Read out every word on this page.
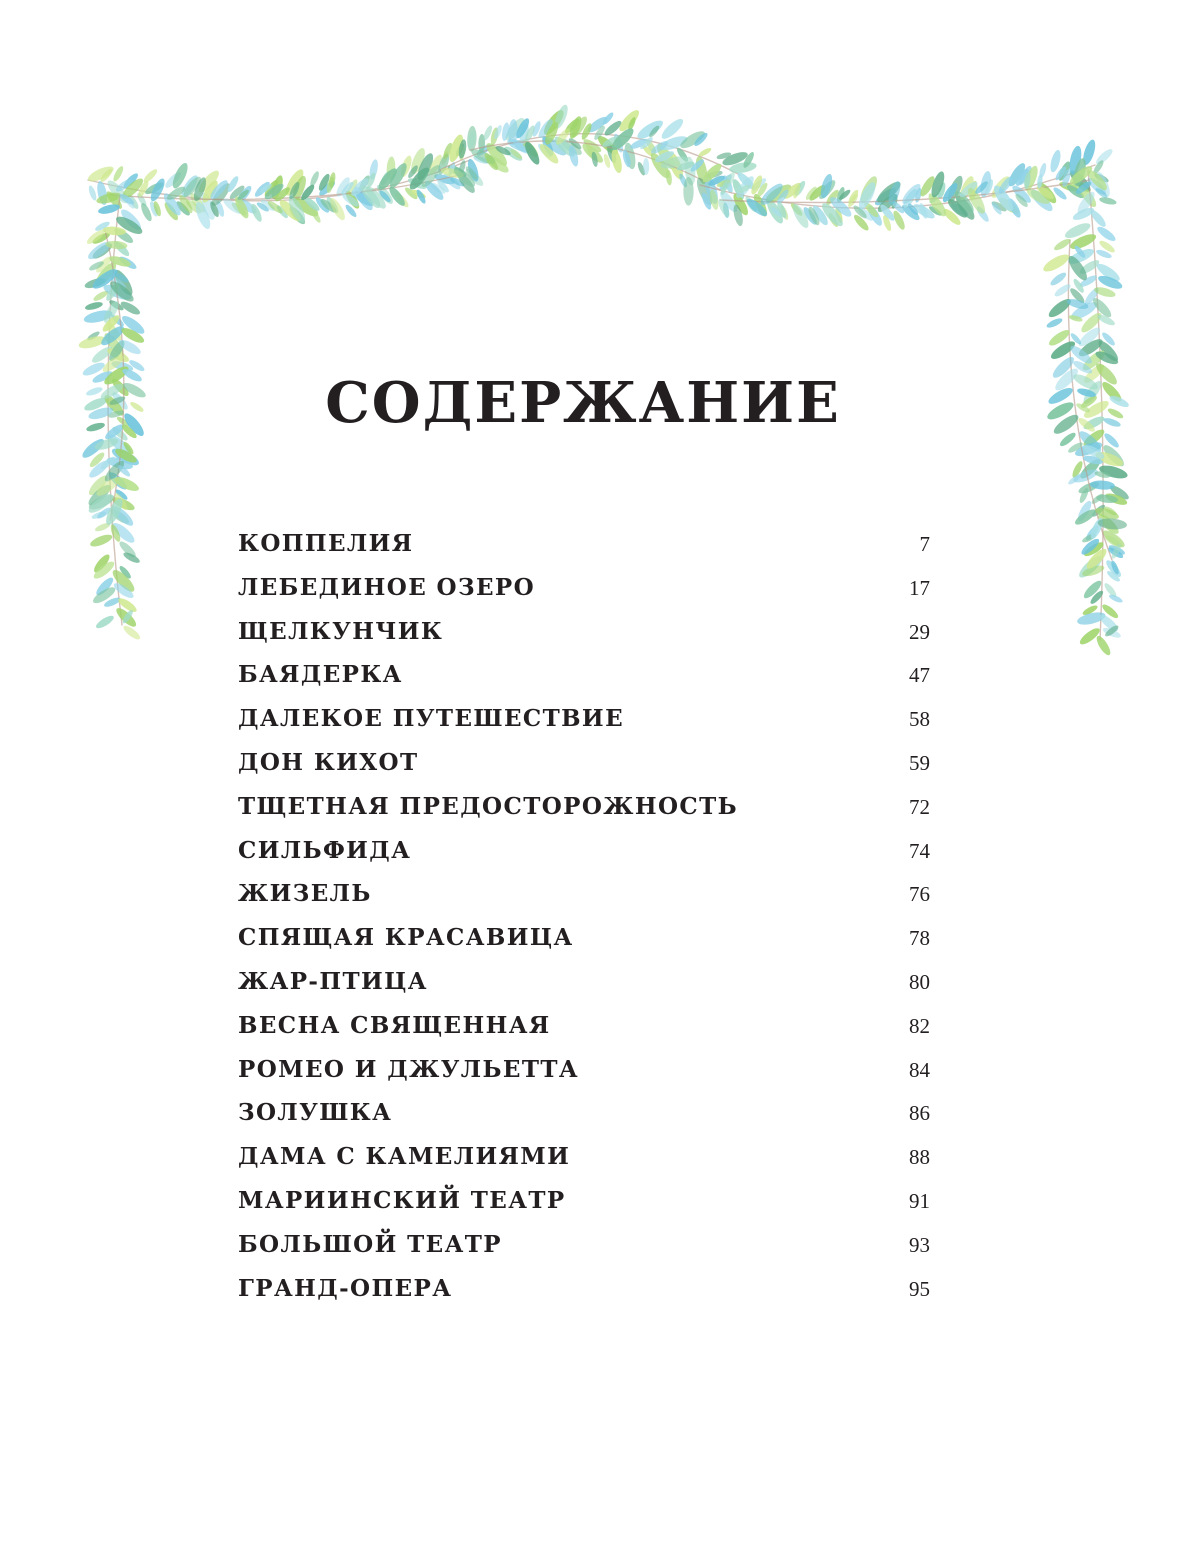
СОДЕРЖАНИЕ
КОППЕЛИЯ	7
ЛЕБЕДИНОЕ ОЗЕРО	17
ЩЕЛКУНЧИК	29
БАЯДЕРКА	47
ДАЛЕКОЕ ПУТЕШЕСТВИЕ	58
ДОН КИХОТ	59
ТЩЕТНАЯ ПРЕДОСТОРОЖНОСТЬ	72
СИЛЬФИДА	74
ЖИЗЕЛЬ	76
СПЯЩАЯ КРАСАВИЦА	78
ЖАР-ПТИЦА	80
ВЕСНА СВЯЩЕННАЯ	82
РОМЕО И ДЖУЛЬЕТТА	84
ЗОЛУШКА	86
ДАМА С КАМЕЛИЯМИ	88
МАРИИНСКИЙ ТЕАТР	91
БОЛЬШОЙ ТЕАТР	93
ГРАНД-ОПЕРА	95
